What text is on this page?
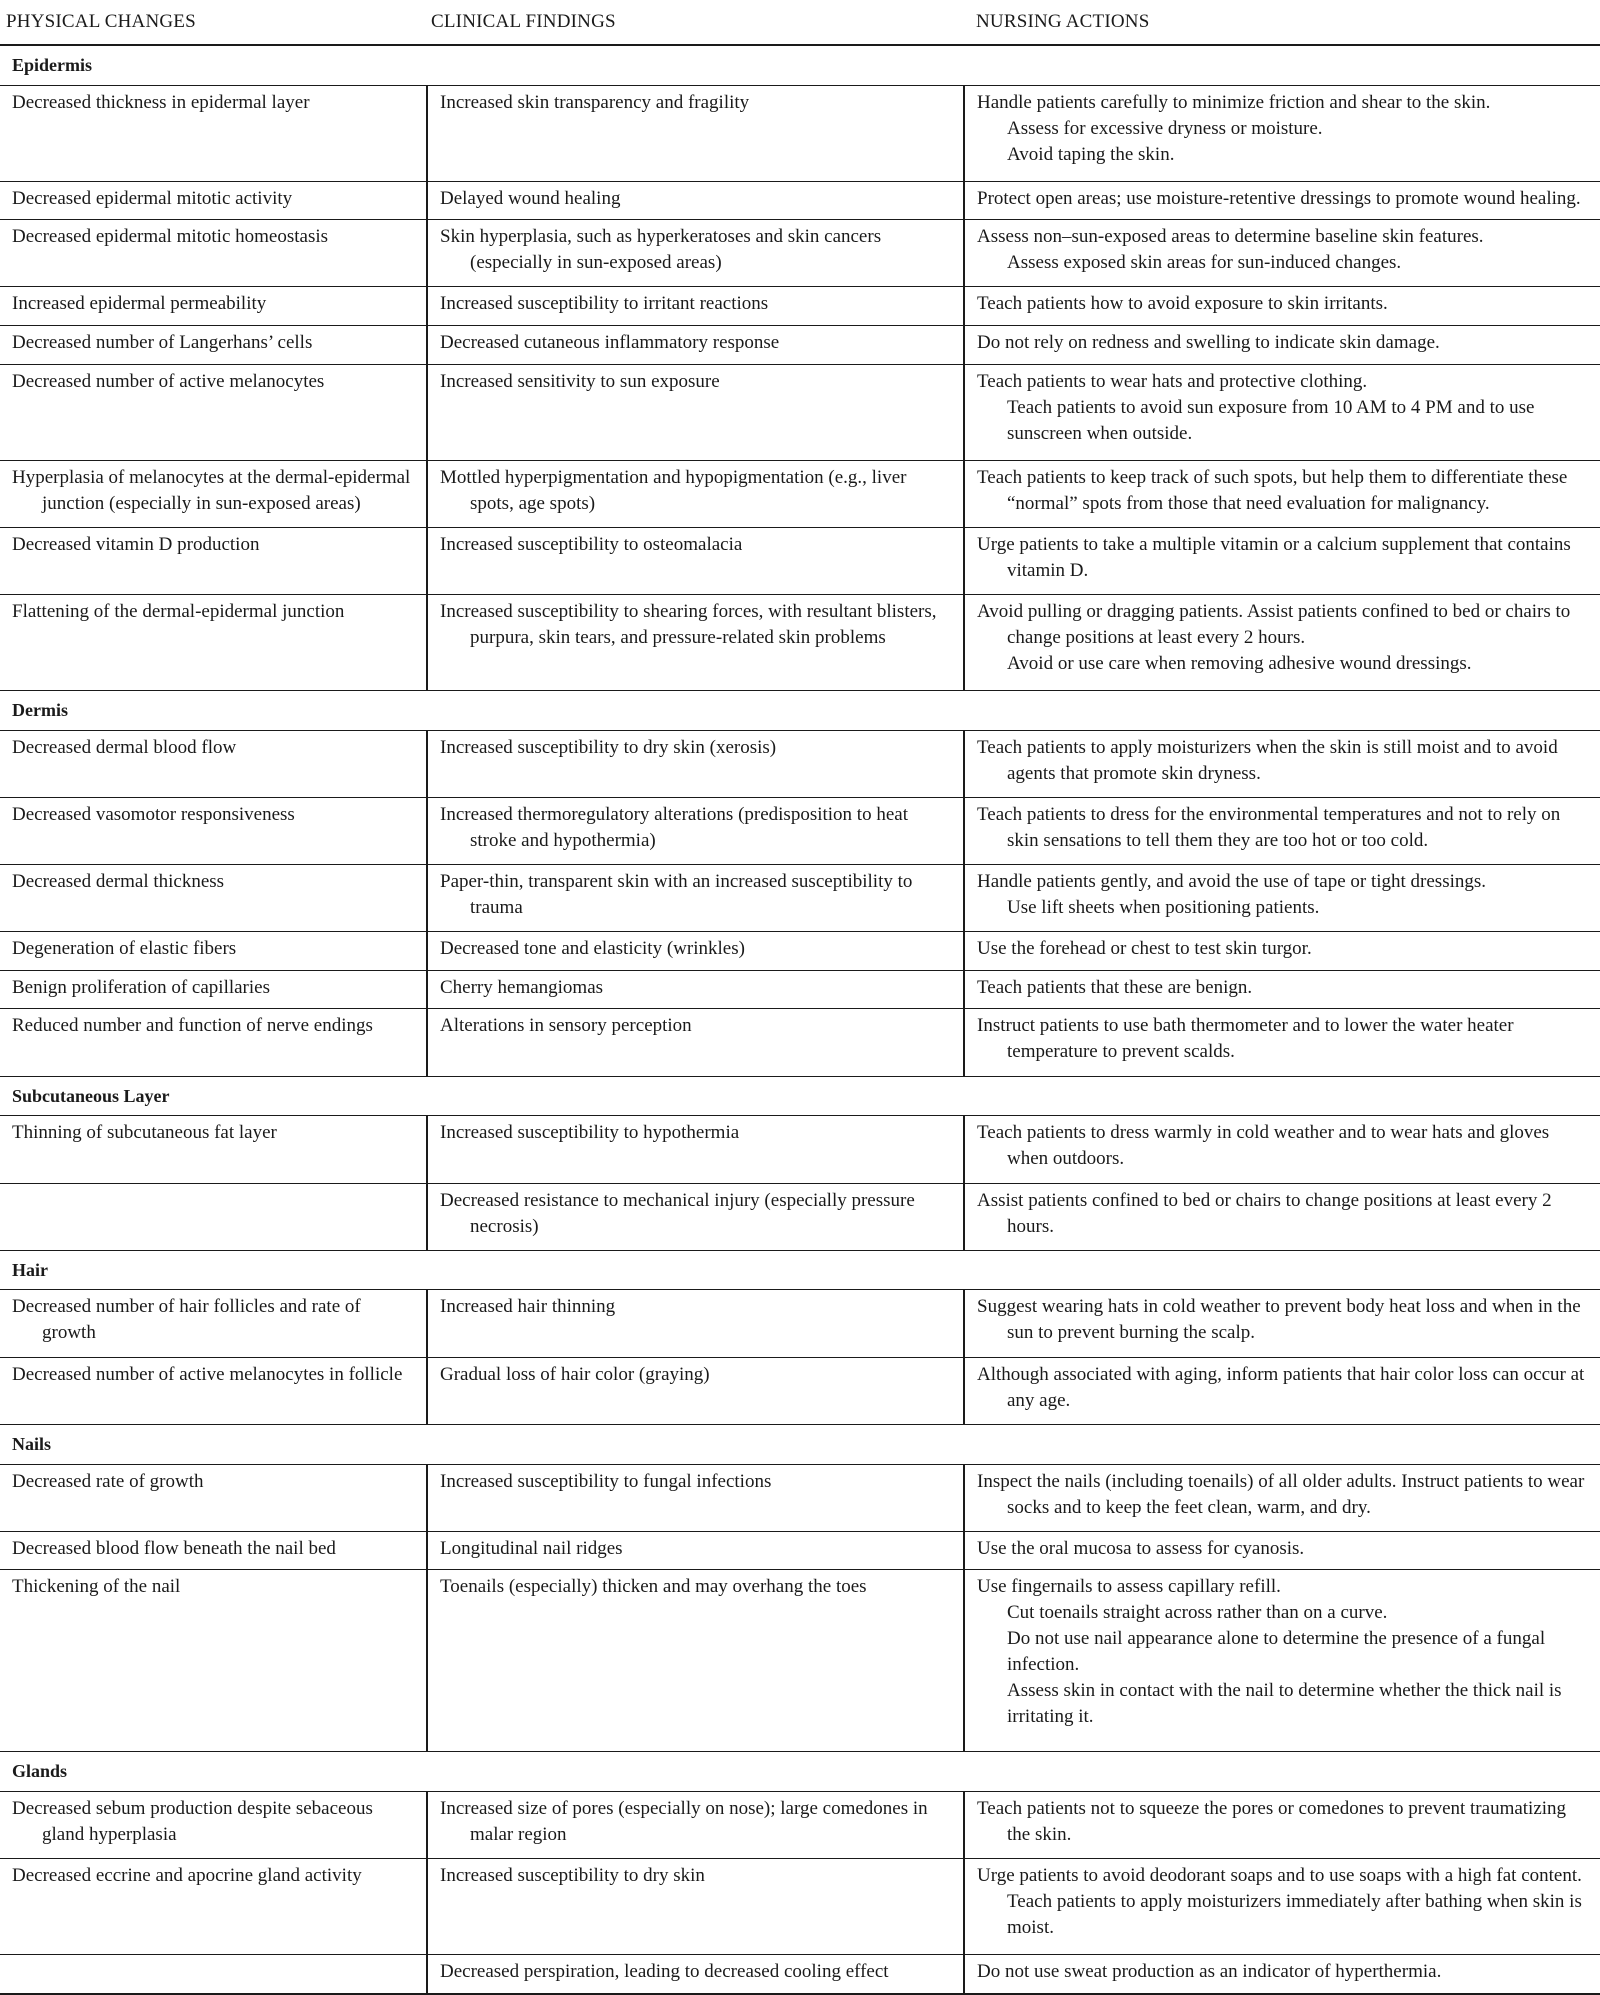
PHYSICAL CHANGES	CLINICAL FINDINGS	NURSING ACTIONS
Epidermis		

Decreased thickness in epidermal layer	Increased skin transparency and fragility	Handle patients carefully to minimize friction and shear to the skin.
Assess for excessive dryness or moisture.
Avoid taping the skin.

Decreased epidermal mitotic activity	Delayed wound healing	Protect open areas; use moisture-retentive dressings to promote wound healing.

Decreased epidermal mitotic homeostasis	Skin hyperplasia, such as hyperkeratoses and skin cancers (especially in sun-exposed areas)	Assess non–sun-exposed areas to determine baseline skin features.
Assess exposed skin areas for sun-induced changes.

Increased epidermal permeability	Increased susceptibility to irritant reactions	Teach patients how to avoid exposure to skin irritants.

Decreased number of Langerhans’ cells	Decreased cutaneous inflammatory response	Do not rely on redness and swelling to indicate skin damage.

Decreased number of active melanocytes	Increased sensitivity to sun exposure	Teach patients to wear hats and protective clothing.
Teach patients to avoid sun exposure from 10 AM to 4 PM and to use sunscreen when outside.

Hyperplasia of melanocytes at the dermal-epidermal junction (especially in sun-exposed areas)	Mottled hyperpigmentation and hypopigmentation (e.g., liver spots, age spots)	Teach patients to keep track of such spots, but help them to differentiate these “normal” spots from those that need evaluation for malignancy.

Decreased vitamin D production	Increased susceptibility to osteomalacia	Urge patients to take a multiple vitamin or a calcium supplement that contains vitamin D.

Flattening of the dermal-epidermal junction	Increased susceptibility to shearing forces, with resultant blisters, purpura, skin tears, and pressure-related skin problems	Avoid pulling or dragging patients. Assist patients confined to bed or chairs to change positions at least every 2 hours.
Avoid or use care when removing adhesive wound dressings.

Dermis		

Decreased dermal blood flow	Increased susceptibility to dry skin (xerosis)	Teach patients to apply moisturizers when the skin is still moist and to avoid agents that promote skin dryness.

Decreased vasomotor responsiveness	Increased thermoregulatory alterations (predisposition to heat stroke and hypothermia)	Teach patients to dress for the environmental temperatures and not to rely on skin sensations to tell them they are too hot or too cold.

Decreased dermal thickness	Paper-thin, transparent skin with an increased susceptibility to trauma	Handle patients gently, and avoid the use of tape or tight dressings.
Use lift sheets when positioning patients.

Degeneration of elastic fibers	Decreased tone and elasticity (wrinkles)	Use the forehead or chest to test skin turgor.

Benign proliferation of capillaries	Cherry hemangiomas	Teach patients that these are benign.

Reduced number and function of nerve endings	Alterations in sensory perception	Instruct patients to use bath thermometer and to lower the water heater temperature to prevent scalds.

Subcutaneous Layer		

Thinning of subcutaneous fat layer	Increased susceptibility to hypothermia	Teach patients to dress warmly in cold weather and to wear hats and gloves when outdoors.

	Decreased resistance to mechanical injury (especially pressure necrosis)	Assist patients confined to bed or chairs to change positions at least every 2 hours.

Hair		

Decreased number of hair follicles and rate of growth	Increased hair thinning	Suggest wearing hats in cold weather to prevent body heat loss and when in the sun to prevent burning the scalp.

Decreased number of active melanocytes in follicle	Gradual loss of hair color (graying)	Although associated with aging, inform patients that hair color loss can occur at any age.

Nails		

Decreased rate of growth	Increased susceptibility to fungal infections	Inspect the nails (including toenails) of all older adults. Instruct patients to wear socks and to keep the feet clean, warm, and dry.

Decreased blood flow beneath the nail bed	Longitudinal nail ridges	Use the oral mucosa to assess for cyanosis.

Thickening of the nail	Toenails (especially) thicken and may overhang the toes	Use fingernails to assess capillary refill.
Cut toenails straight across rather than on a curve.
Do not use nail appearance alone to determine the presence of a fungal infection.
Assess skin in contact with the nail to determine whether the thick nail is irritating it.

Glands		

Decreased sebum production despite sebaceous gland hyperplasia	Increased size of pores (especially on nose); large comedones in malar region	Teach patients not to squeeze the pores or comedones to prevent traumatizing the skin.

Decreased eccrine and apocrine gland activity	Increased susceptibility to dry skin	Urge patients to avoid deodorant soaps and to use soaps with a high fat content.
Teach patients to apply moisturizers immediately after bathing when skin is moist.

	Decreased perspiration, leading to decreased cooling effect	Do not use sweat production as an indicator of hyperthermia.
